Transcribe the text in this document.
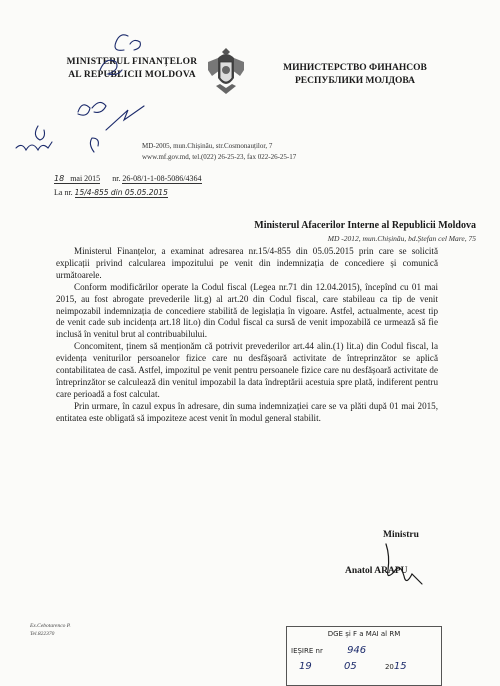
MINISTERUL FINANȚELOR
AL REPUBLICII MOLDOVA
МИНИСТЕРСТВО ФИНАНСОВ
РЕСПУБЛИКИ МОЛДОВА
MD-2005, mun.Chișinău, str.Cosmonauților, 7
www.mf.gov.md, tel.(022) 26-25-23, fax 022-26-25-17
18 mai 2015 nr. 26-08/1-1-08-5086/4364
La nr. 15/4-855 din 05.05.2015
Ministerul Afacerilor Interne al Republicii Moldova
MD -2012, mun.Chișinău, bd.Ștefan cel Mare, 75

Ministerul Finanțelor, a examinat adresarea nr.15/4-855 din 05.05.2015 prin care se solicită explicații privind calcularea impozitului pe venit din indemnizația de concediere și comunică următoarele.

Conform modificărilor operate la Codul fiscal (Legea nr.71 din 12.04.2015), începînd cu 01 mai 2015, au fost abrogate prevederile lit.g) al art.20 din Codul fiscal, care stabileau ca tip de venit neimpozabil indemnizația de concediere stabilită de legislația în vigoare. Astfel, actualmente, acest tip de venit cade sub incidența art.18 lit.o) din Codul fiscal ca sursă de venit impozabilă ce urmează să fie inclusă în venitul brut al contribuabilului.

Concomitent, ținem să menționăm că potrivit prevederilor art.44 alin.(1) lit.a) din Codul fiscal, la evidența veniturilor persoanelor fizice care nu desfășoară activitate de întreprinzător se aplică contabilitatea de casă. Astfel, impozitul pe venit pentru persoanele fizice care nu desfășoară activitate de întreprinzător se calculează din venitul impozabil la data îndreptării acestuia spre plată, indiferent pentru care perioadă a fost calculat.

Prin urmare, în cazul expus în adresare, din suma indemnizației care se va plăti după 01 mai 2015, entitatea este obligată să impoziteze acest venit în modul general stabilit.

Ministru
Anatol ARAPU
Ex.Cebotarenco P.
Tel.822370	DGE și F a MAI al RM
IEȘIRE nr 946
19	05	2015
